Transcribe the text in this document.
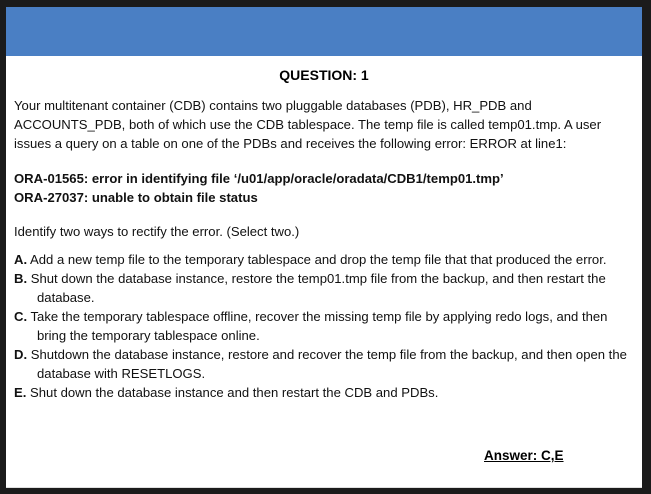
QUESTION: 1

Your multitenant container (CDB) contains two pluggable databases (PDB), HR_PDB and ACCOUNTS_PDB, both of which use the CDB tablespace. The temp file is called temp01.tmp. A user issues a query on a table on one of the PDBs and receives the following error: ERROR at line1:

ORA-01565: error in identifying file ‘/u01/app/oracle/oradata/CDB1/temp01.tmp’
ORA-27037: unable to obtain file status

Identify two ways to rectify the error. (Select two.)

A. Add a new temp file to the temporary tablespace and drop the temp file that that produced the error.

B. Shut down the database instance, restore the temp01.tmp file from the backup, and then restart the database.

C. Take the temporary tablespace offline, recover the missing temp file by applying redo logs, and then bring the temporary tablespace online.

D. Shutdown the database instance, restore and recover the temp file from the backup, and then open the database with RESETLOGS.

E. Shut down the database instance and then restart the CDB and PDBs.

Answer: C,E
